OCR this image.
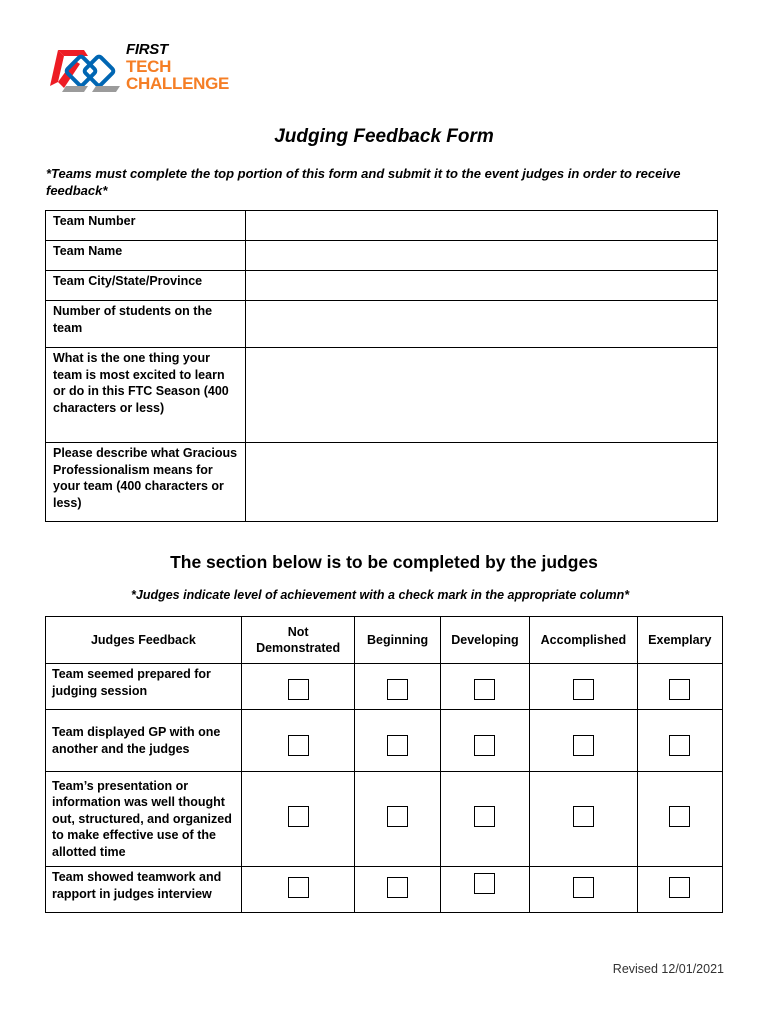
FIRST
TECH
CHALLENGE
Judging Feedback Form
*Teams must complete the top portion of this form and submit it to the event judges in order to receive feedback*
Team Number	
Team Name	
Team City/State/Province	
Number of students on the team	
What is the one thing your team is most excited to learn or do in this FTC Season (400 characters or less)	
Please describe what Gracious Professionalism means for your team (400 characters or less)	
The section below is to be completed by the judges
*Judges indicate level of achievement with a check mark in the appropriate column*
Judges Feedback	Not Demonstrated	Beginning	Developing	Accomplished	Exemplary
Team seemed prepared for judging session					
Team displayed GP with one another and the judges					
Team’s presentation or information was well thought out, structured, and organized to make effective use of the allotted time					
Team showed teamwork and rapport in judges interview					
Revised 12/01/2021
